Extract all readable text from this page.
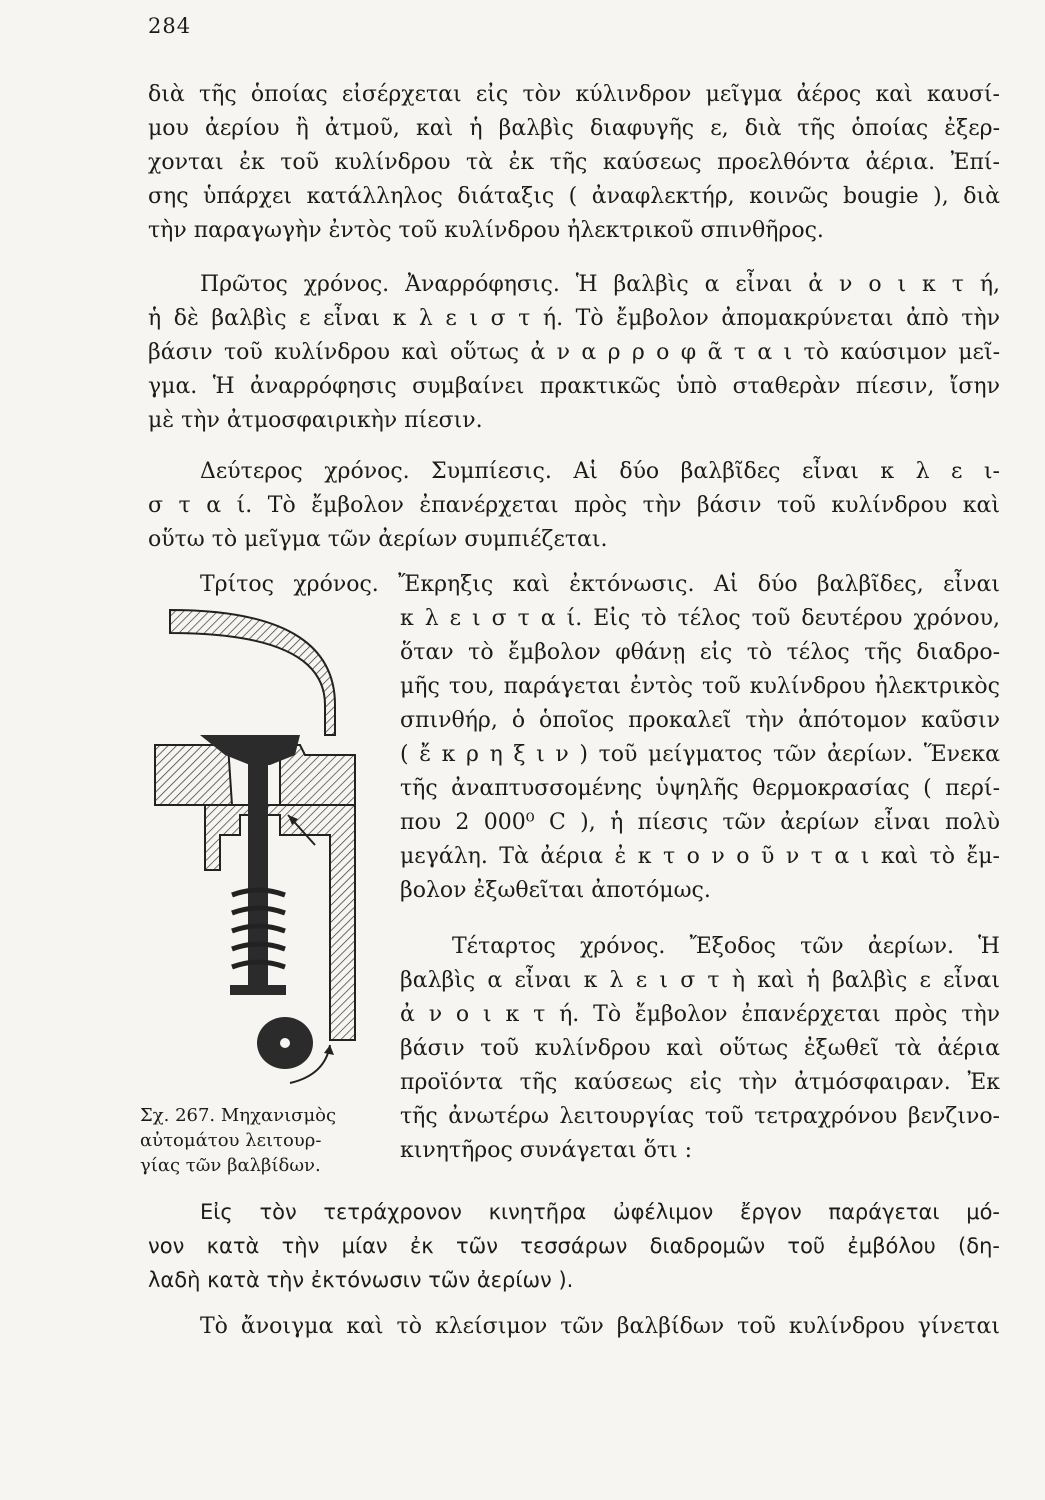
284

διὰ τῆς ὁποίας εἰσέρχεται εἰς τὸν κύλινδρον μεῖγμα ἀέρος καὶ καυσί-
μου ἀερίου ἢ ἀτμοῦ, καὶ ἡ βαλβὶς διαφυγῆς ε, διὰ τῆς ὁποίας ἐξερ-
χονται ἐκ τοῦ κυλίνδρου τὰ ἐκ τῆς καύσεως προελθόντα ἀέρια. Ἐπί-
σης ὑπάρχει κατάλληλος διάταξις ( ἀναφλεκτήρ, κοινῶς bougie ), διὰ
τὴν παραγωγὴν ἐντὸς τοῦ κυλίνδρου ἠλεκτρικοῦ σπινθῆρος.

Πρῶτος χρόνος. Ἀναρρόφησις. Ἡ βαλβὶς α εἶναι ἀ ν ο ι κ τ ή,
ἡ δὲ βαλβὶς ε εἶναι κ λ ε ι σ τ ή. Τὸ ἔμβολον ἀπομακρύνεται ἀπὸ τὴν
βάσιν τοῦ κυλίνδρου καὶ οὕτως ἀ ν α ρ ρ ο φ ᾶ τ α ι τὸ καύσιμον μεῖ-
γμα. Ἡ ἀναρρόφησις συμβαίνει πρακτικῶς ὑπὸ σταθερὰν πίεσιν, ἴσην
μὲ τὴν ἀτμοσφαιρικὴν πίεσιν.

Δεύτερος χρόνος. Συμπίεσις. Αἱ δύο βαλβῖδες εἶναι κ λ ε ι-
σ τ α ί. Τὸ ἔμβολον ἐπανέρχεται πρὸς τὴν βάσιν τοῦ κυλίνδρου καὶ
οὕτω τὸ μεῖγμα τῶν ἀερίων συμπιέζεται.

Τρίτος χρόνος. Ἔκρηξις καὶ ἐκτόνωσις. Αἱ δύο βαλβῖδες, εἶναι

κ λ ε ι σ τ α ί. Εἰς τὸ τέλος τοῦ δευτέρου χρόνου,
ὅταν τὸ ἔμβολον φθάνῃ εἰς τὸ τέλος τῆς διαδρο-
μῆς του, παράγεται ἐντὸς τοῦ κυλίνδρου ἠλεκτρικὸς
σπινθήρ, ὁ ὁποῖος προκαλεῖ τὴν ἀπότομον καῦσιν
( ἔ κ ρ η ξ ι ν ) τοῦ μείγματος τῶν ἀερίων. Ἕνεκα
τῆς ἀναπτυσσομένης ὑψηλῆς θερμοκρασίας ( περί-
που 2 000⁰ C ), ἡ πίεσις τῶν ἀερίων εἶναι πολὺ
μεγάλη. Τὰ ἀέρια ἐ κ τ ο ν ο ῦ ν τ α ι καὶ τὸ ἔμ-
βολον ἐξωθεῖται ἀποτόμως.

Τέταρτος χρόνος. Ἔξοδος τῶν ἀερίων. Ἡ
βαλβὶς α εἶναι κ λ ε ι σ τ ὴ καὶ ἡ βαλβὶς ε εἶναι
ἀ ν ο ι κ τ ή. Τὸ ἔμβολον ἐπανέρχεται πρὸς τὴν
βάσιν τοῦ κυλίνδρου καὶ οὕτως ἐξωθεῖ τὰ ἀέρια
προϊόντα τῆς καύσεως εἰς τὴν ἀτμόσφαιραν. Ἐκ
τῆς ἀνωτέρω λειτουργίας τοῦ τετραχρόνου βενζινο-
κινητῆρος συνάγεται ὅτι :

Σχ. 267. Μηχανισμὸς
αὐτομάτου λειτουρ-
γίας τῶν βαλβίδων.

Εἰς τὸν τετράχρονον κινητῆρα ὠφέλιμον ἔργον παράγεται μό-
νον κατὰ τὴν μίαν ἐκ τῶν τεσσάρων διαδρομῶν τοῦ ἐμβόλου (δη-
λαδὴ κατὰ τὴν ἐκτόνωσιν τῶν ἀερίων ).

Τὸ ἄνοιγμα καὶ τὸ κλείσιμον τῶν βαλβίδων τοῦ κυλίνδρου γίνεται
